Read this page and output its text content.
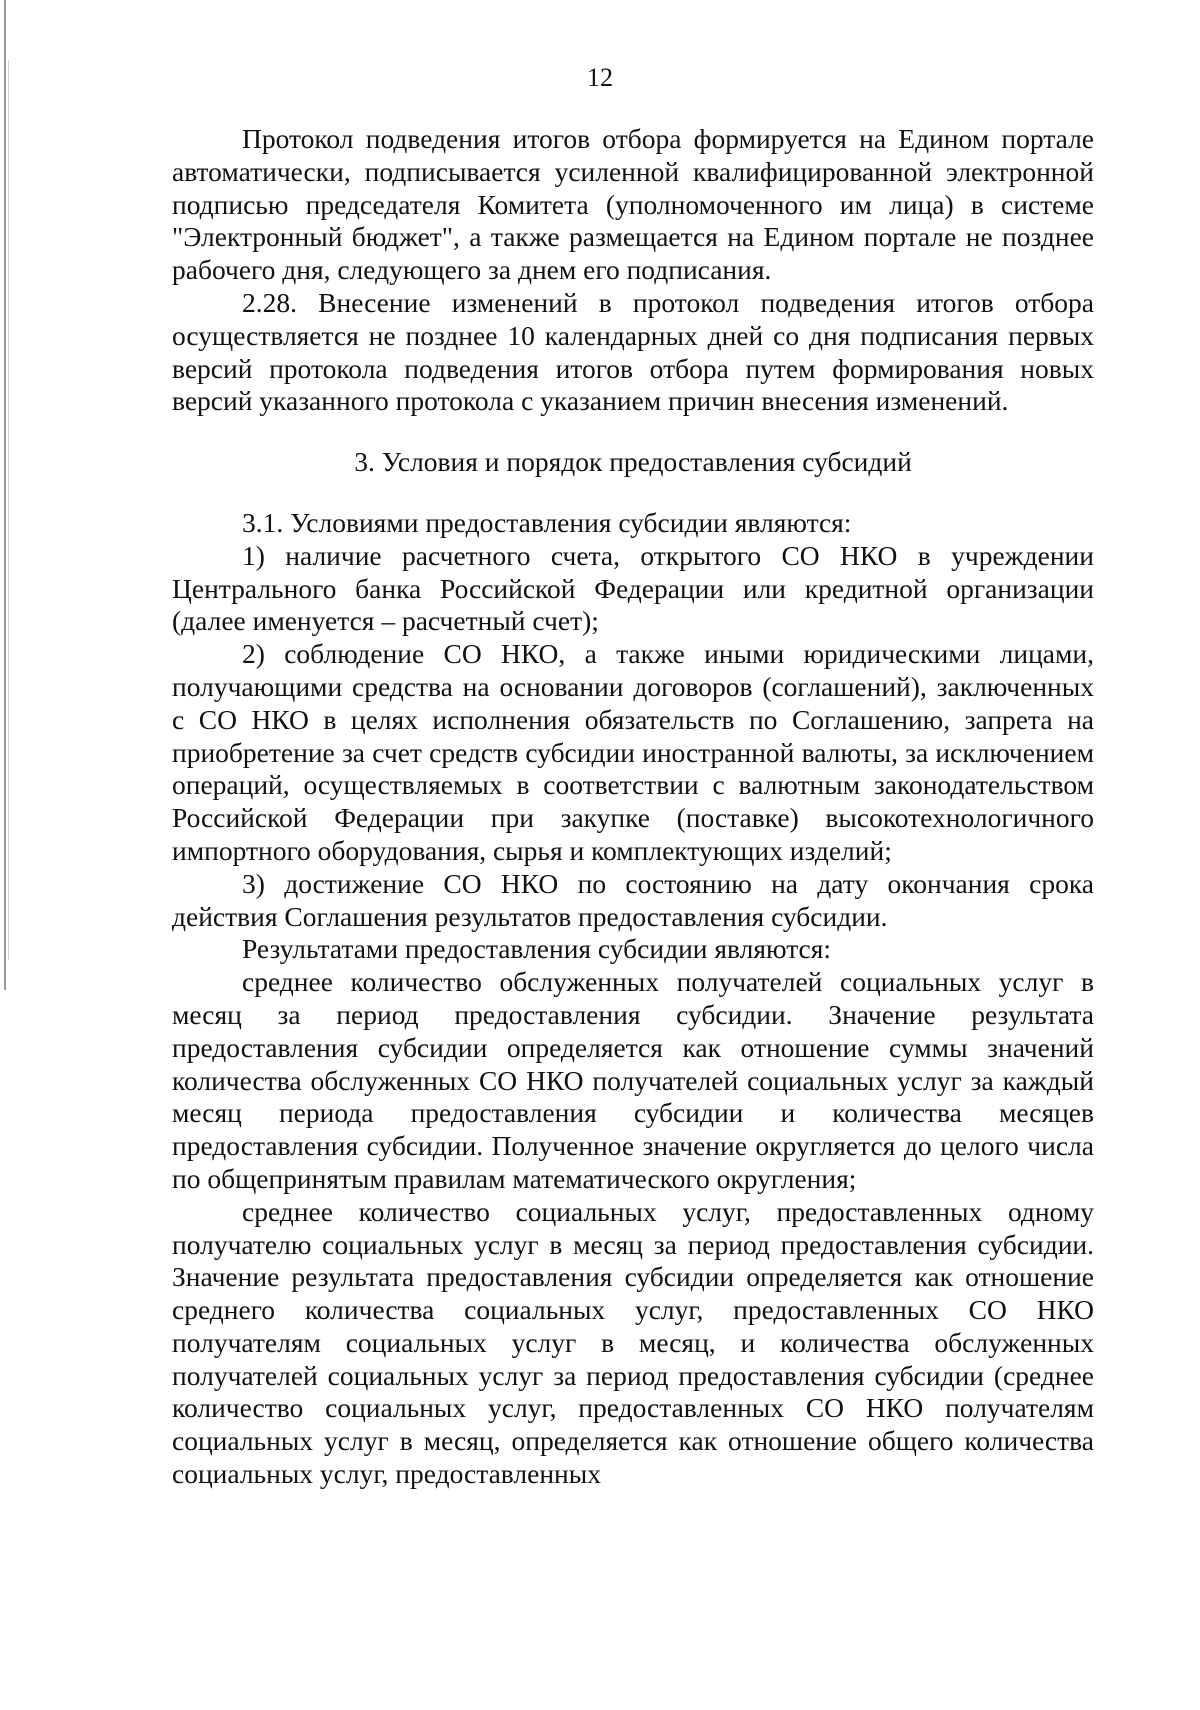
12

Протокол подведения итогов отбора формируется на Едином портале автоматически, подписывается усиленной квалифицированной электронной подписью председателя Комитета (уполномоченного им лица) в системе "Электронный бюджет", а также размещается на Едином портале не позднее рабочего дня, следующего за днем его подписания.

2.28. Внесение изменений в протокол подведения итогов отбора осуществляется не позднее 10 календарных дней со дня подписания первых версий протокола подведения итогов отбора путем формирования новых версий указанного протокола с указанием причин внесения изменений.

3. Условия и порядок предоставления субсидий

3.1. Условиями предоставления субсидии являются:

1) наличие расчетного счета, открытого СО НКО в учреждении Центрального банка Российской Федерации или кредитной организации (далее именуется – расчетный счет);

2) соблюдение СО НКО, а также иными юридическими лицами, получающими средства на основании договоров (соглашений), заключенных с СО НКО в целях исполнения обязательств по Соглашению, запрета на приобретение за счет средств субсидии иностранной валюты, за исключением операций, осуществляемых в соответствии с валютным законодательством Российской Федерации при закупке (поставке) высокотехнологичного импортного оборудования, сырья и комплектующих изделий;

3) достижение СО НКО по состоянию на дату окончания срока действия Соглашения результатов предоставления субсидии.

Результатами предоставления субсидии являются:

среднее количество обслуженных получателей социальных услуг в месяц за период предоставления субсидии. Значение результата предоставления субсидии определяется как отношение суммы значений количества обслуженных СО НКО получателей социальных услуг за каждый месяц периода предоставления субсидии и количества месяцев предоставления субсидии. Полученное значение округляется до целого числа по общепринятым правилам математического округления;

среднее количество социальных услуг, предоставленных одному получателю социальных услуг в месяц за период предоставления субсидии. Значение результата предоставления субсидии определяется как отношение среднего количества социальных услуг, предоставленных СО НКО получателям социальных услуг в месяц, и количества обслуженных получателей социальных услуг за период предоставления субсидии (среднее количество социальных услуг, предоставленных СО НКО получателям социальных услуг в месяц, определяется как отношение общего количества социальных услуг, предоставленных
